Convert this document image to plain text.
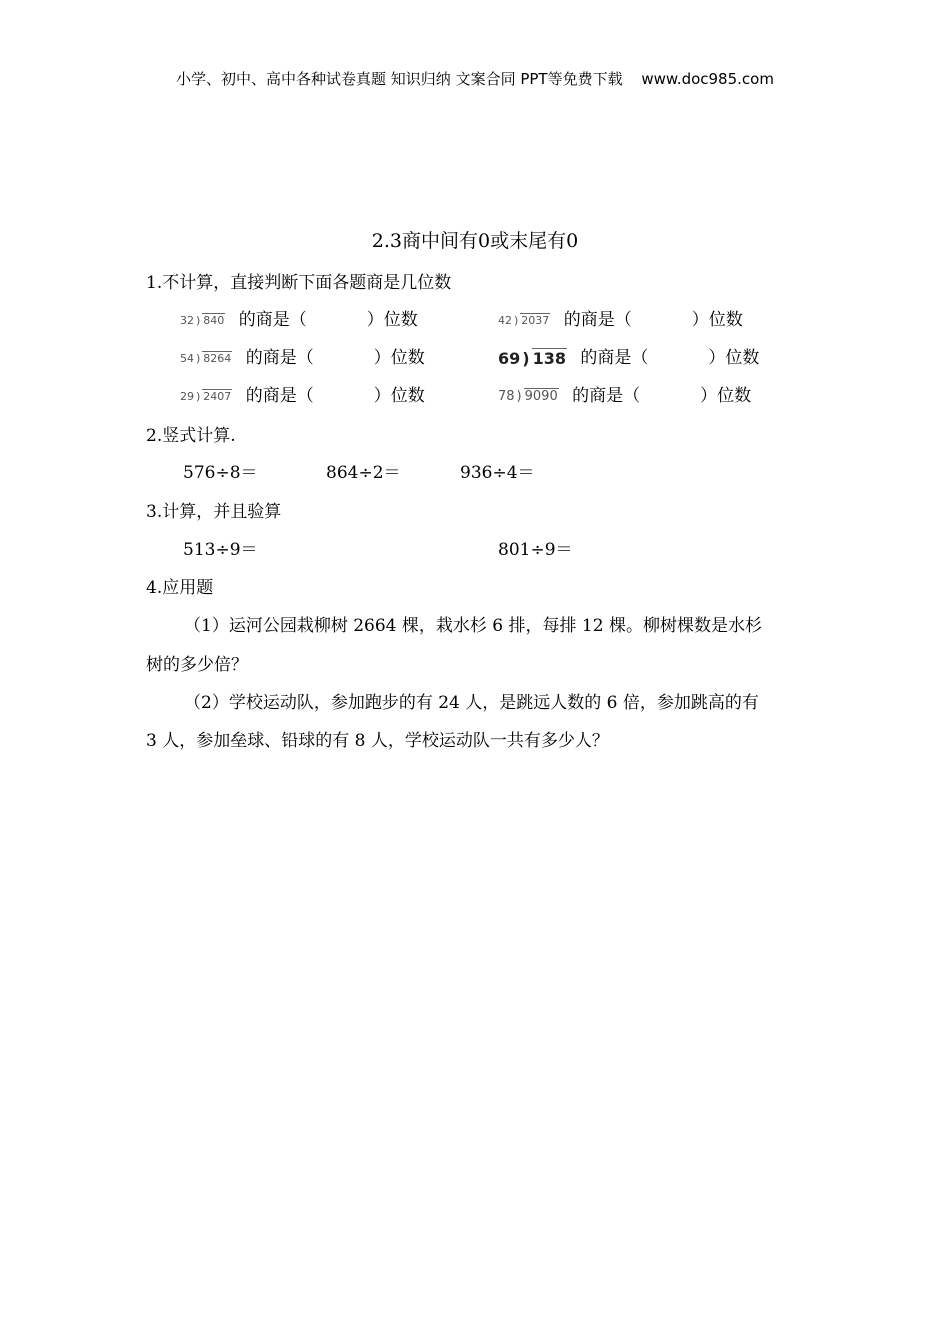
小学、初中、高中各种试卷真题 知识归纳 文案合同 PPT等免费下载 www.doc985.com
2.3商中间有0或末尾有0
1.不计算，直接判断下面各题商是几位数
32 ) 840 的商是（	）位数	42 ) 2037 的商是（	）位数
54 ) 8264 的商是（	）位数	69 ) 138 的商是（	）位数
29 ) 2407 的商是（	）位数	78 ) 9090 的商是（	）位数
2.竖式计算.
576÷8＝	864÷2＝	936÷4＝
3.计算，并且验算
513÷9＝	801÷9＝
4.应用题
（1）运河公园栽柳树 2664 棵，栽水杉 6 排，每排 12 棵。柳树棵数是水杉
树的多少倍？
（2）学校运动队，参加跑步的有 24 人，是跳远人数的 6 倍，参加跳高的有
3 人，参加垒球、铅球的有 8 人，学校运动队一共有多少人？
